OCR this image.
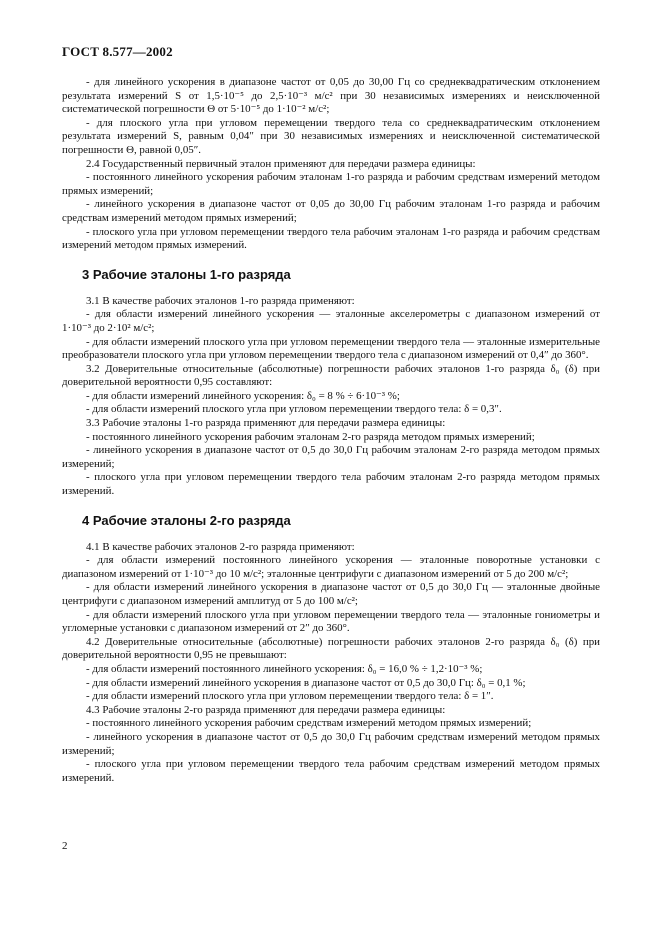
ГОСТ 8.577—2002

- для линейного ускорения в диапазоне частот от 0,05 до 30,00 Гц со среднеквадратическим отклонением результата измерений S от 1,5·10⁻⁵ до 2,5·10⁻³ м/с² при 30 независимых измерениях и неисключенной систематической погрешности Θ от 5·10⁻⁵ до 1·10⁻² м/с²;

- для плоского угла при угловом перемещении твердого тела со среднеквадратическим отклонением результата измерений S, равным 0,04″ при 30 независимых измерениях и неисключенной систематической погрешности Θ, равной 0,05″.

2.4 Государственный первичный эталон применяют для передачи размера единицы:

- постоянного линейного ускорения рабочим эталонам 1-го разряда и рабочим средствам измерений методом прямых измерений;

- линейного ускорения в диапазоне частот от 0,05 до 30,00 Гц рабочим эталонам 1-го разряда и рабочим средствам измерений методом прямых измерений;

- плоского угла при угловом перемещении твердого тела рабочим эталонам 1-го разряда и рабочим средствам измерений методом прямых измерений.

3 Рабочие эталоны 1-го разряда

3.1 В качестве рабочих эталонов 1-го разряда применяют:

- для области измерений линейного ускорения — эталонные акселерометры с диапазоном измерений от 1·10⁻³ до 2·10² м/с²;

- для области измерений плоского угла при угловом перемещении твердого тела — эталонные измерительные преобразователи плоского угла при угловом перемещении твердого тела с диапазоном измерений от 0,4″ до 360°.

3.2 Доверительные относительные (абсолютные) погрешности рабочих эталонов 1-го разряда δ₀ (δ) при доверительной вероятности 0,95 составляют:

- для области измерений линейного ускорения: δ₀ = 8 % ÷ 6·10⁻³ %;

- для области измерений плоского угла при угловом перемещении твердого тела: δ = 0,3″.

3.3 Рабочие эталоны 1-го разряда применяют для передачи размера единицы:

- постоянного линейного ускорения рабочим эталонам 2-го разряда методом прямых измерений;

- линейного ускорения в диапазоне частот от 0,5 до 30,0 Гц рабочим эталонам 2-го разряда методом прямых измерений;

- плоского угла при угловом перемещении твердого тела рабочим эталонам 2-го разряда методом прямых измерений.

4 Рабочие эталоны 2-го разряда

4.1 В качестве рабочих эталонов 2-го разряда применяют:

- для области измерений постоянного линейного ускорения — эталонные поворотные установки с диапазоном измерений от 1·10⁻³ до 10 м/с²; эталонные центрифуги с диапазоном измерений от 5 до 200 м/с²;

- для области измерений линейного ускорения в диапазоне частот от 0,5 до 30,0 Гц — эталонные двойные центрифуги с диапазоном измерений амплитуд от 5 до 100 м/с²;

- для области измерений плоского угла при угловом перемещении твердого тела — эталонные гониометры и угломерные установки с диапазоном измерений от 2″ до 360°.

4.2 Доверительные относительные (абсолютные) погрешности рабочих эталонов 2-го разряда δ₀ (δ) при доверительной вероятности 0,95 не превышают:

- для области измерений постоянного линейного ускорения: δ₀ = 16,0 % ÷ 1,2·10⁻³ %;

- для области измерений линейного ускорения в диапазоне частот от 0,5 до 30,0 Гц: δ₀ = 0,1 %;

- для области измерений плоского угла при угловом перемещении твердого тела: δ = 1″.

4.3 Рабочие эталоны 2-го разряда применяют для передачи размера единицы:

- постоянного линейного ускорения рабочим средствам измерений методом прямых измерений;

- линейного ускорения в диапазоне частот от 0,5 до 30,0 Гц рабочим средствам измерений методом прямых измерений;

- плоского угла при угловом перемещении твердого тела рабочим средствам измерений методом прямых измерений.

2
